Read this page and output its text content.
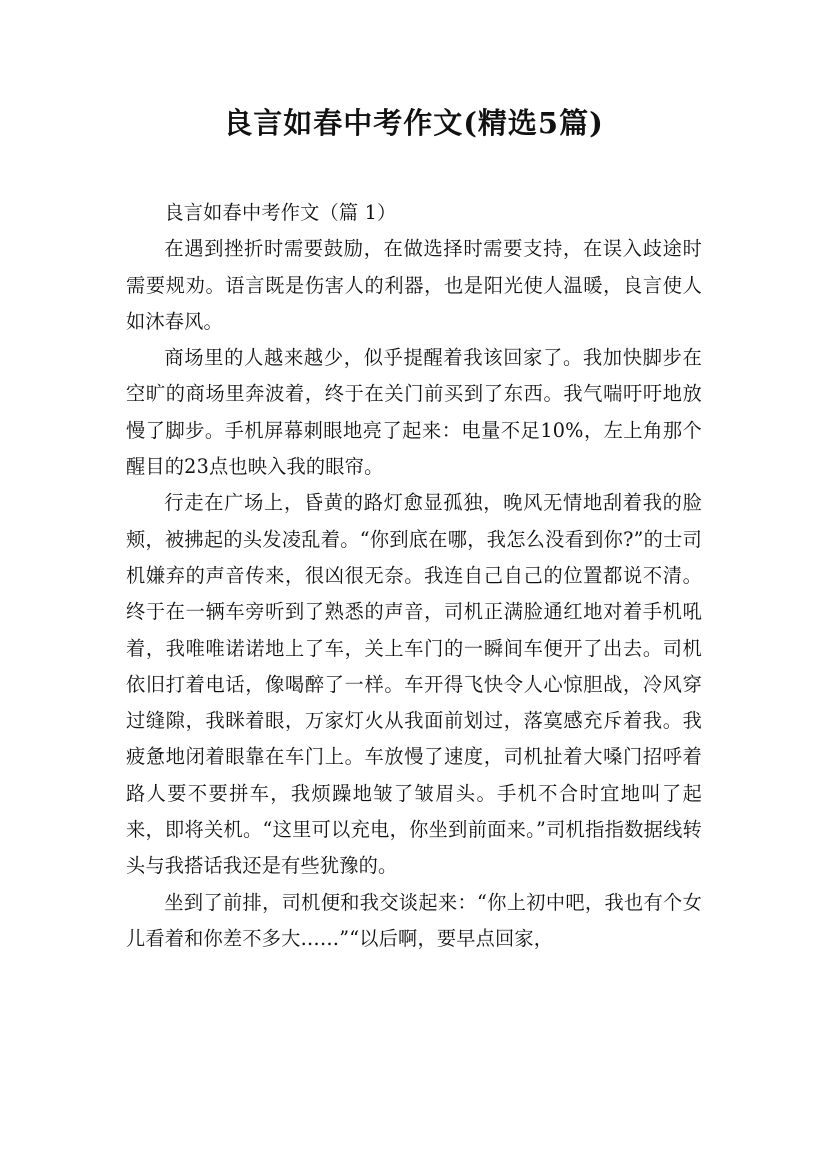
良言如春中考作文(精选5篇)

良言如春中考作文（篇 1）

在遇到挫折时需要鼓励，在做选择时需要支持，在误入歧途时需要规劝。语言既是伤害人的利器，也是阳光使人温暖，良言使人如沐春风。

商场里的人越来越少，似乎提醒着我该回家了。我加快脚步在空旷的商场里奔波着，终于在关门前买到了东西。我气喘吁吁地放慢了脚步。手机屏幕刺眼地亮了起来：电量不足10%，左上角那个醒目的23点也映入我的眼帘。

行走在广场上，昏黄的路灯愈显孤独，晚风无情地刮着我的脸颊，被拂起的头发凌乱着。“你到底在哪，我怎么没看到你?”的士司机嫌弃的声音传来，很凶很无奈。我连自己自己的位置都说不清。终于在一辆车旁听到了熟悉的声音，司机正满脸通红地对着手机吼着，我唯唯诺诺地上了车，关上车门的一瞬间车便开了出去。司机依旧打着电话，像喝醉了一样。车开得飞快令人心惊胆战，冷风穿过缝隙，我眯着眼，万家灯火从我面前划过，落寞感充斥着我。我疲惫地闭着眼靠在车门上。车放慢了速度，司机扯着大嗓门招呼着路人要不要拼车，我烦躁地皱了皱眉头。手机不合时宜地叫了起来，即将关机。“这里可以充电，你坐到前面来。”司机指指数据线转头与我搭话我还是有些犹豫的。

坐到了前排，司机便和我交谈起来：“你上初中吧，我也有个女儿看着和你差不多大……”“以后啊，要早点回家，
